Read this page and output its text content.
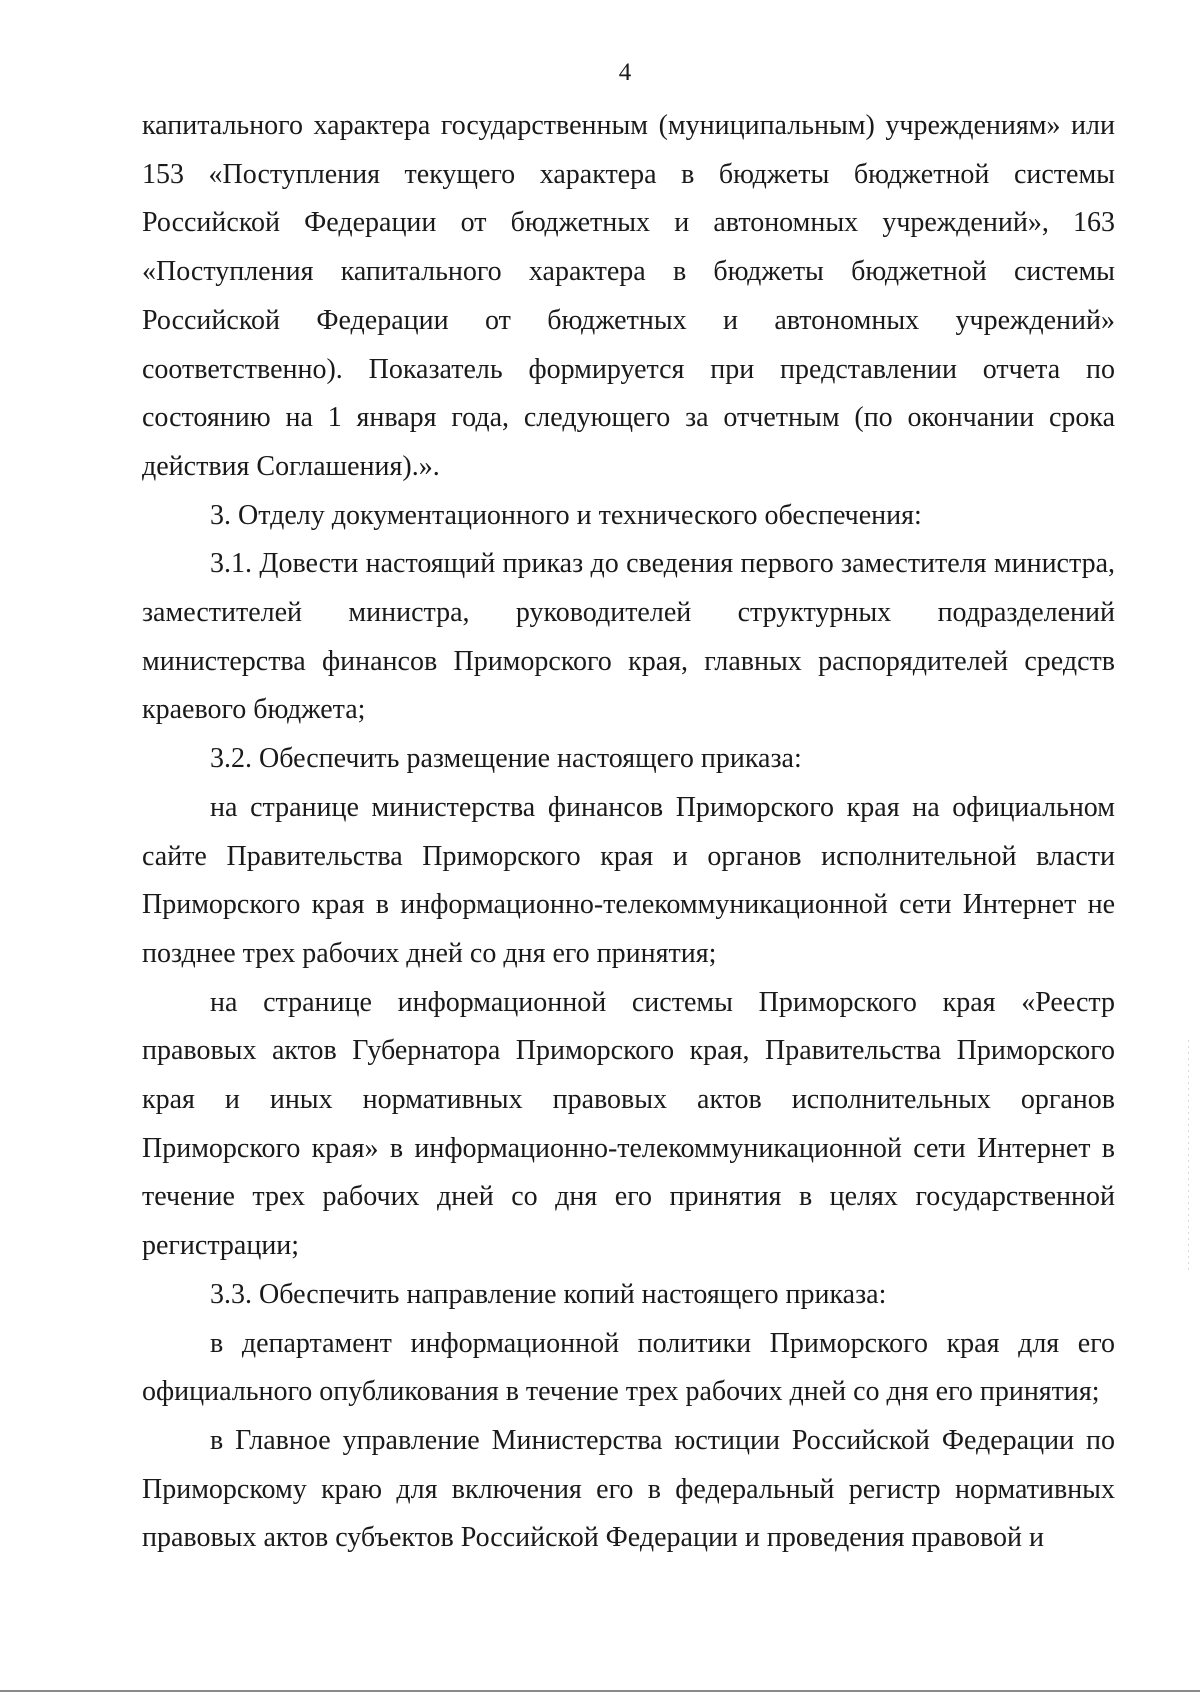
4

капитального характера государственным (муниципальным) учреждениям» или 153 «Поступления текущего характера в бюджеты бюджетной системы Российской Федерации от бюджетных и автономных учреждений», 163 «Поступления капитального характера в бюджеты бюджетной системы Российской Федерации от бюджетных и автономных учреждений» соответственно). Показатель формируется при представлении отчета по состоянию на 1 января года, следующего за отчетным (по окончании срока действия Соглашения).».

3. Отделу документационного и технического обеспечения:

3.1. Довести настоящий приказ до сведения первого заместителя министра, заместителей министра, руководителей структурных подразделений министерства финансов Приморского края, главных распорядителей средств краевого бюджета;

3.2. Обеспечить размещение настоящего приказа:

на странице министерства финансов Приморского края на официальном сайте Правительства Приморского края и органов исполнительной власти Приморского края в информационно-телекоммуникационной сети Интернет не позднее трех рабочих дней со дня его принятия;

на странице информационной системы Приморского края «Реестр правовых актов Губернатора Приморского края, Правительства Приморского края и иных нормативных правовых актов исполнительных органов Приморского края» в информационно-телекоммуникационной сети Интернет в течение трех рабочих дней со дня его принятия в целях государственной регистрации;

3.3. Обеспечить направление копий настоящего приказа:

в департамент информационной политики Приморского края для его официального опубликования в течение трех рабочих дней со дня его принятия;

в Главное управление Министерства юстиции Российской Федерации по Приморскому краю для включения его в федеральный регистр нормативных правовых актов субъектов Российской Федерации и проведения правовой и
